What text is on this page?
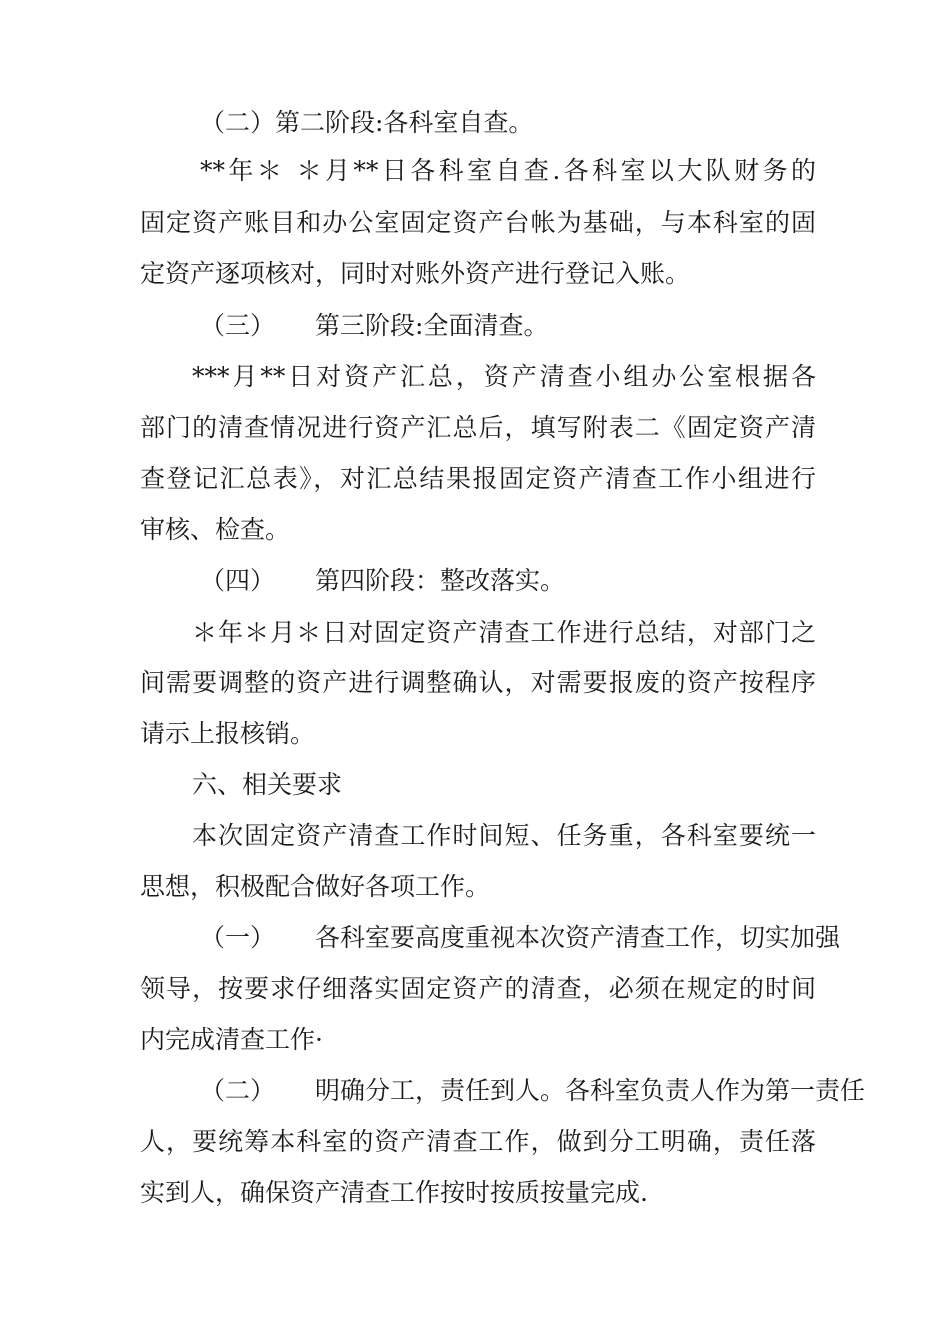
（二）第二阶段:各科室自查。
**年＊ ＊月**日各科室自查.各科室以大队财务的
固定资产账目和办公室固定资产台帐为基础，与本科室的固
定资产逐项核对，同时对账外资产进行登记入账。
（三） 第三阶段:全面清查。
***月**日对资产汇总，资产清查小组办公室根据各
部门的清查情况进行资产汇总后，填写附表二《固定资产清
查登记汇总表》，对汇总结果报固定资产清查工作小组进行
审核、检查。
（四） 第四阶段：整改落实。
＊年＊月＊日对固定资产清查工作进行总结，对部门之
间需要调整的资产进行调整确认，对需要报废的资产按程序
请示上报核销。
六、相关要求
本次固定资产清查工作时间短、任务重，各科室要统一
思想，积极配合做好各项工作。
（一） 各科室要高度重视本次资产清查工作，切实加强
领导，按要求仔细落实固定资产的清查，必须在规定的时间
内完成清查工作·
（二） 明确分工，责任到人。各科室负责人作为第一责任
人，要统筹本科室的资产清查工作，做到分工明确，责任落
实到人，确保资产清查工作按时按质按量完成.
